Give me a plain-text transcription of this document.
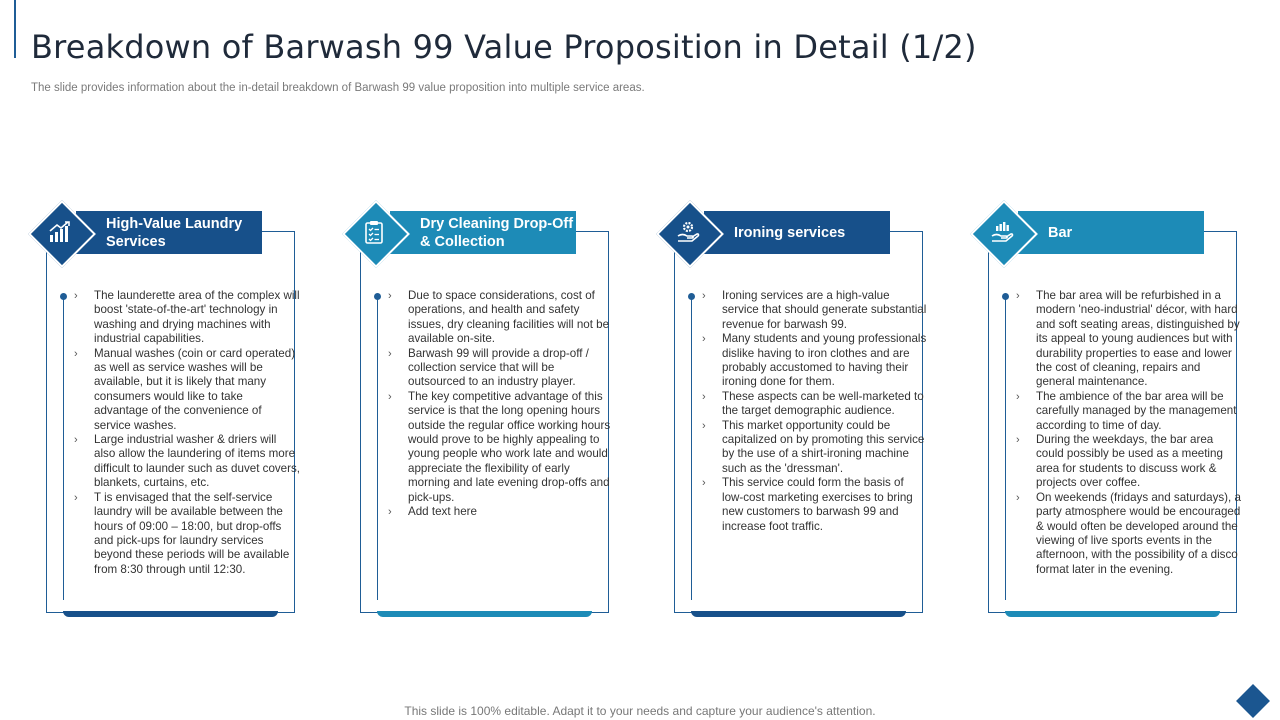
Breakdown of Barwash 99 Value Proposition in Detail (1/2)
The slide provides information about the in-detail breakdown of Barwash 99 value proposition into multiple service areas.
High-Value Laundry Services
› The launderette area of the complex will boost 'state-of-the-art' technology in washing and drying machines with industrial capabilities.
› Manual washes (coin or card operated) as well as service washes will be available, but it is likely that many consumers would like to take advantage of the convenience of service washes.
› Large industrial washer & driers will also allow the laundering of items more difficult to launder such as duvet covers, blankets, curtains, etc.
› T is envisaged that the self-service laundry will be available between the hours of 09:00 – 18:00, but drop-offs and pick-ups for laundry services beyond these periods will be available from 8:30 through until 12:30.
Dry Cleaning Drop-Off & Collection
› Due to space considerations, cost of operations, and health and safety issues, dry cleaning facilities will not be available on-site.
› Barwash 99 will provide a drop-off / collection service that will be outsourced to an industry player.
› The key competitive advantage of this service is that the long opening hours outside the regular office working hours would prove to be highly appealing to young people who work late and would appreciate the flexibility of early morning and late evening drop-offs and pick-ups.
› Add text here
Ironing services
› Ironing services are a high-value service that should generate substantial revenue for barwash 99.
› Many students and young professionals dislike having to iron clothes and are probably accustomed to having their ironing done for them.
› These aspects can be well-marketed to the target demographic audience.
› This market opportunity could be capitalized on by promoting this service by the use of a shirt-ironing machine such as the 'dressman'.
› This service could form the basis of low-cost marketing exercises to bring new customers to barwash 99 and increase foot traffic.
Bar
› The bar area will be refurbished in a modern 'neo-industrial' décor, with hard and soft seating areas, distinguished by its appeal to young audiences but with durability properties to ease and lower the cost of cleaning, repairs and general maintenance.
› The ambience of the bar area will be carefully managed by the management according to time of day.
› During the weekdays, the bar area could possibly be used as a meeting area for students to discuss work & projects over coffee.
› On weekends (fridays and saturdays), a party atmosphere would be encouraged & would often be developed around the viewing of live sports events in the afternoon, with the possibility of a disco format later in the evening.
This slide is 100% editable. Adapt it to your needs and capture your audience's attention.
